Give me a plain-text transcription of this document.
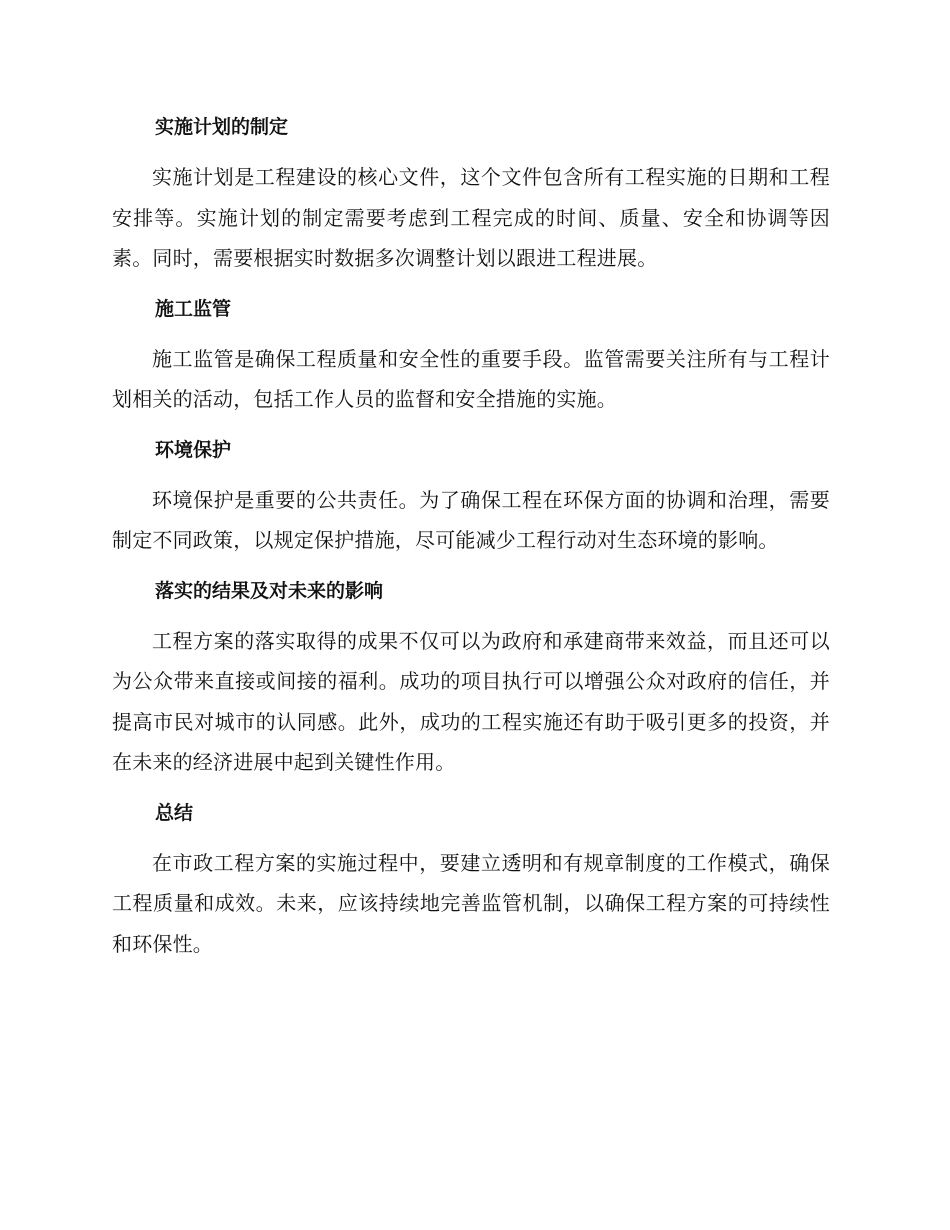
实施计划的制定

实施计划是工程建设的核心文件，这个文件包含所有工程实施的日期和工程安排等。实施计划的制定需要考虑到工程完成的时间、质量、安全和协调等因素。同时，需要根据实时数据多次调整计划以跟进工程进展。

施工监管

施工监管是确保工程质量和安全性的重要手段。监管需要关注所有与工程计划相关的活动，包括工作人员的监督和安全措施的实施。

环境保护

环境保护是重要的公共责任。为了确保工程在环保方面的协调和治理，需要制定不同政策，以规定保护措施，尽可能减少工程行动对生态环境的影响。

落实的结果及对未来的影响

工程方案的落实取得的成果不仅可以为政府和承建商带来效益，而且还可以为公众带来直接或间接的福利。成功的项目执行可以增强公众对政府的信任，并提高市民对城市的认同感。此外，成功的工程实施还有助于吸引更多的投资，并在未来的经济进展中起到关键性作用。

总结

在市政工程方案的实施过程中，要建立透明和有规章制度的工作模式，确保工程质量和成效。未来，应该持续地完善监管机制，以确保工程方案的可持续性和环保性。
